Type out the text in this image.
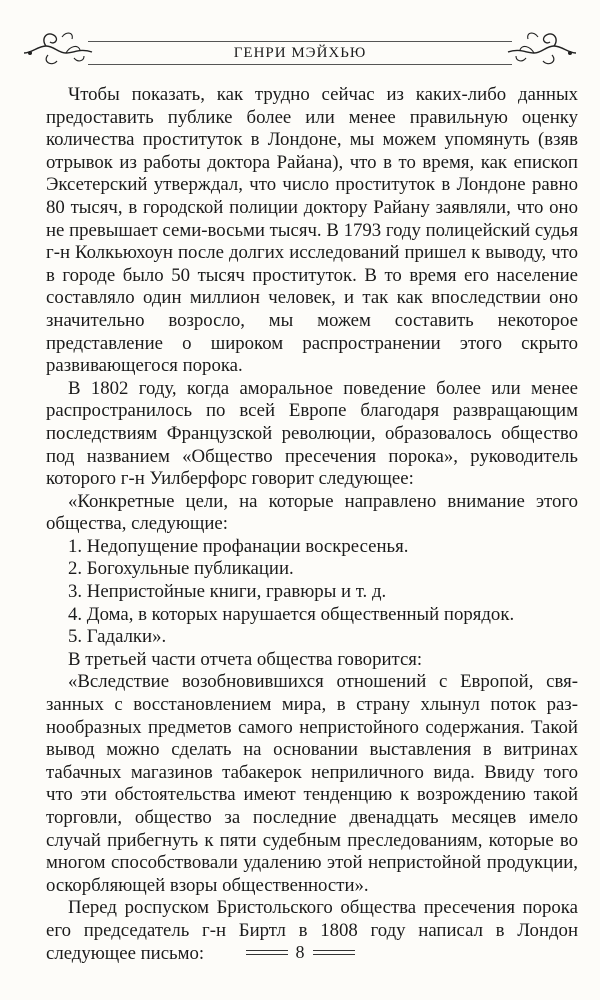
ГЕНРИ МЭЙХЬЮ

Чтобы показать, как трудно сейчас из каких-либо данных предоставить публике более или менее правильную оценку количества проституток в Лондоне, мы можем упомянуть (взяв отрывок из работы доктора Райана), что в то время, как епископ Эксетерский утверждал, что число проституток в Лондоне равно 80 тысяч, в городской полиции доктору Райану заявляли, что оно не превышает семи-восьми тысяч. В 1793 году полицейский судья г-н Колкьюхоун после долгих исследований пришел к выводу, что в городе было 50 тысяч проституток. В то время его население составляло один миллион человек, и так как впоследствии оно значительно возросло, мы можем составить некоторое представление о широком распространении этого скрыто развивающегося порока.

В 1802 году, когда аморальное поведение более или менее распространилось по всей Европе благодаря развращающим последствиям Французской революции, образовалось общество под названием «Общество пресечения порока», руководитель которого г-н Уилберфорс говорит следующее:

«Конкретные цели, на которые направлено внимание этого общества, следующие:

1. Недопущение профанации воскресенья.

2. Богохульные публикации.

3. Непристойные книги, гравюры и т. д.

4. Дома, в которых нарушается общественный порядок.

5. Гадалки».

В третьей части отчета общества говорится:

«Вследствие возобновившихся отношений с Европой, связанных с восстановлением мира, в страну хлынул поток разнообразных предметов самого непристойного содержания. Такой вывод можно сделать на основании выставления в витринах табачных магазинов табакерок неприличного вида. Ввиду того что эти обстоятельства имеют тенденцию к возрождению такой торговли, общество за последние двенадцать месяцев имело случай прибегнуть к пяти судебным преследованиям, которые во многом способствовали удалению этой непристойной продукции, оскорбляющей взоры общественности».

Перед роспуском Бристольского общества пресечения порока его председатель г-н Биртл в 1808 году написал в Лондон следующее письмо:	8
